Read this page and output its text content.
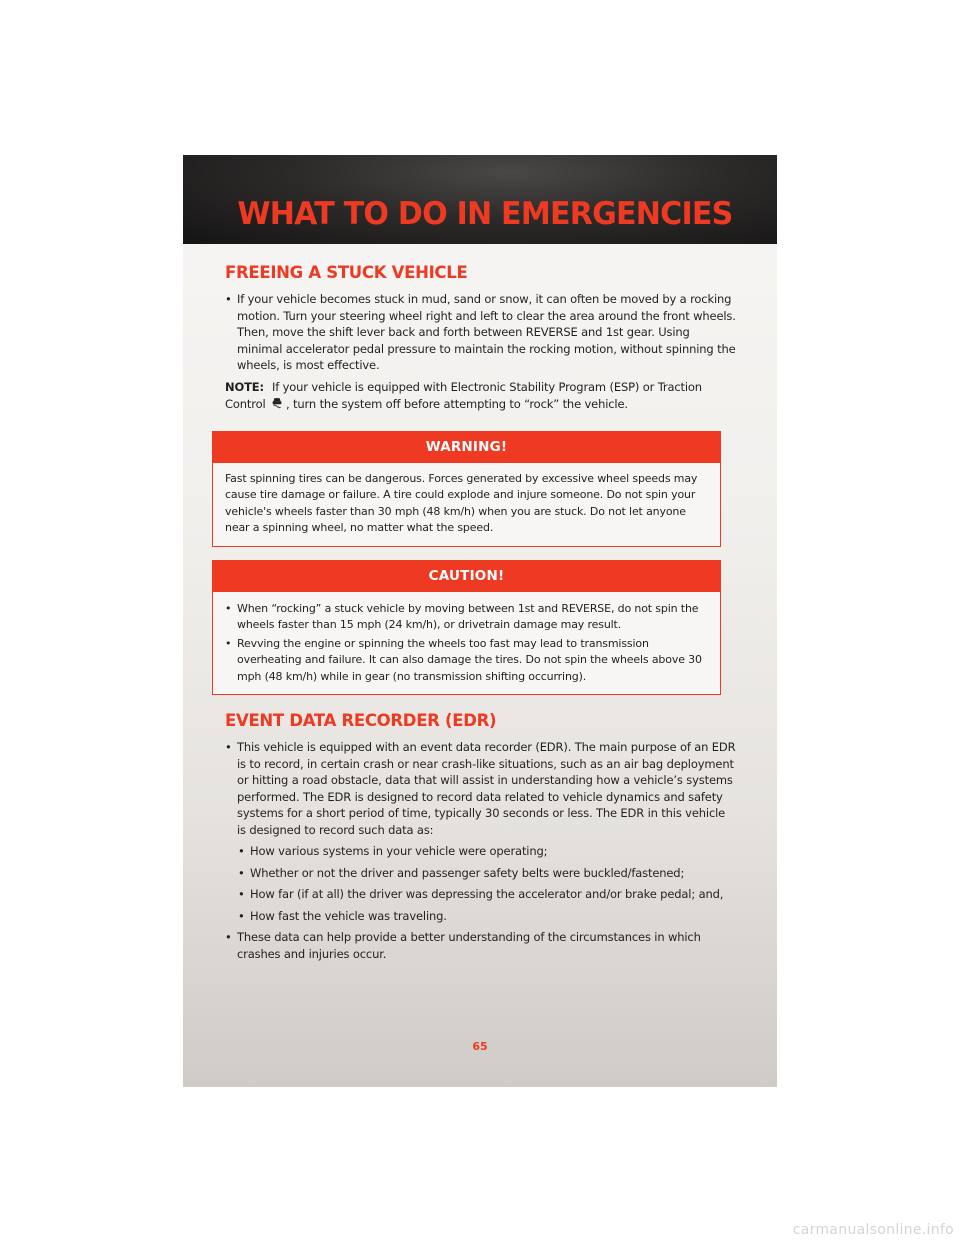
WHAT TO DO IN EMERGENCIES
FREEING A STUCK VEHICLE
• If your vehicle becomes stuck in mud, sand or snow, it can often be moved by a rocking motion. Turn your steering wheel right and left to clear the area around the front wheels. Then, move the shift lever back and forth between REVERSE and 1st gear. Using minimal accelerator pedal pressure to maintain the rocking motion, without spinning the wheels, is most effective.
NOTE: If your vehicle is equipped with Electronic Stability Program (ESP) or Traction Control , turn the system off before attempting to “rock” the vehicle.
WARNING!
Fast spinning tires can be dangerous. Forces generated by excessive wheel speeds may cause tire damage or failure. A tire could explode and injure someone. Do not spin your vehicle's wheels faster than 30 mph (48 km/h) when you are stuck. Do not let anyone near a spinning wheel, no matter what the speed.
CAUTION!
• When “rocking” a stuck vehicle by moving between 1st and REVERSE, do not spin the wheels faster than 15 mph (24 km/h), or drivetrain damage may result.
• Revving the engine or spinning the wheels too fast may lead to transmission overheating and failure. It can also damage the tires. Do not spin the wheels above 30 mph (48 km/h) while in gear (no transmission shifting occurring).
EVENT DATA RECORDER (EDR)
• This vehicle is equipped with an event data recorder (EDR). The main purpose of an EDR is to record, in certain crash or near crash-like situations, such as an air bag deployment or hitting a road obstacle, data that will assist in understanding how a vehicle’s systems performed. The EDR is designed to record data related to vehicle dynamics and safety systems for a short period of time, typically 30 seconds or less. The EDR in this vehicle is designed to record such data as:
• How various systems in your vehicle were operating;
• Whether or not the driver and passenger safety belts were buckled/fastened;
• How far (if at all) the driver was depressing the accelerator and/or brake pedal; and,
• How fast the vehicle was traveling.
• These data can help provide a better understanding of the circumstances in which crashes and injuries occur.
65
carmanualsonline.info
